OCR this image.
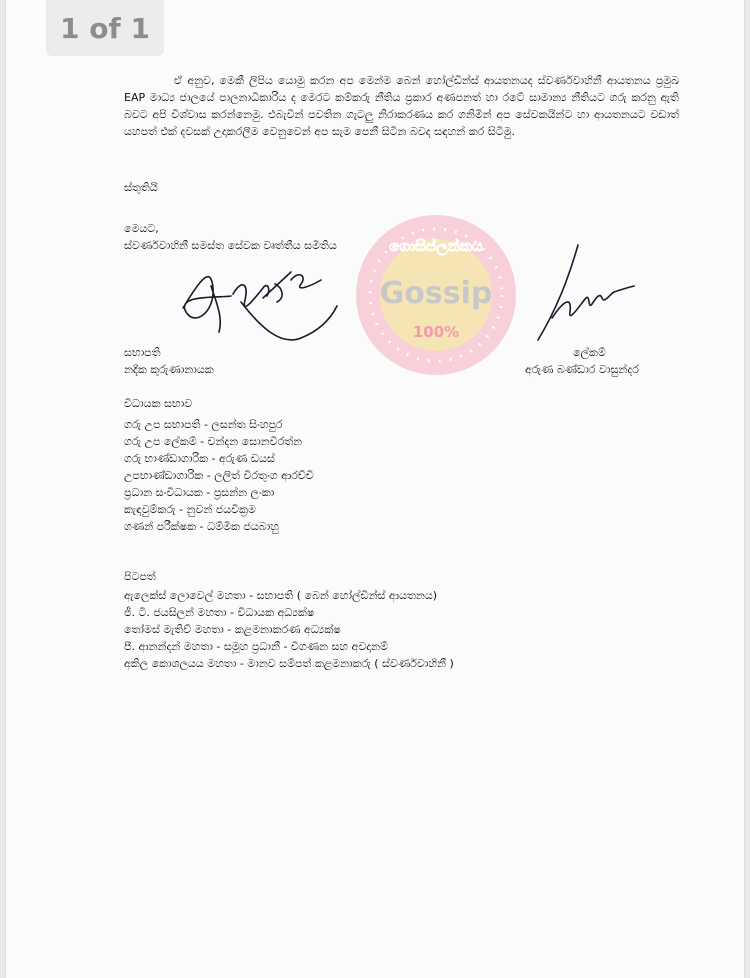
1 of 1

ඒ අනුව, මෙකී ලිපිය යොමු කරන අප මෙන්ම බෙන් හෝල්ඩින්ස් ආයතනයද ස්වර්ණවාහිනී ආයතනය ප්‍රමුඛ EAP මාධ්‍ය ජාලයේ පාලනාධිකාරිය ද මෙරට කම්කරු නීතිය ප්‍රකාර අණපනත් හා රටේ සාමාන්‍ය නීතියට ගරු කරනු ඇති බවට අපි විශ්වාස කරන්නෙමු. එබැවින් පවතින ගැටලු නිරාකරණය කර ගනිමින් අප සේවකයින්ට හා ආයතනයට වඩාත් යහපත් එක් දවසක් උදාකරලීම වෙනුවෙන් අප සැම පෙනී සිටින බවද සඳහන් කර සිටිමු.

ස්තුතියි

මෙයට,

ස්වර්ණවාහිනී සමස්ත සේවක වෘත්තීය සමිතිය	ගොසිප්ලන්කය
Gossip
100%

සභාපති

නදීක කුරුණානායක

ලේකම්

අරුණ බණ්ඩාර වාසුන්දර

විධායක සභාව

ගරු උප සභාපති - ලසන්ත සිංහපුර
ගරු උප ලේකම් - චන්දන සොනවිරත්න
ගරු භාණ්ඩාගාරික - අරුණ ඩයස්
උපභාණ්ඩාගාරික - ලලිත් වීරතුංග ආරච්චි
ප්‍රධාන සංවිධායක - ප්‍රසන්න ලංකා
කැඳවුම්කරු - නුවන් ජයවික්‍රම
ගණන් පරීක්ෂක - ධම්මික ජයබාහු

පිටපත්

ඇලෙක්ස් ලොවෙල් මහතා - සභාපති ( බෙන් හෝල්ඩින්ස් ආයතනය)
ජී. ටී. ජයසිලන් මහතා - විධායක අධ්‍යක්ෂ
තෝමස් මැතිව් මහතා - කළමනාකරණ අධ්‍යක්ෂ
පී. ආනන්දන් මහතා - සමූහ ප්‍රධානී - විගණන සහ අවදානම්
අකිල කොශලයය මහතා - මානව සම්පත් කළමනාකරු ( ස්වර්ණවාහිනී )
